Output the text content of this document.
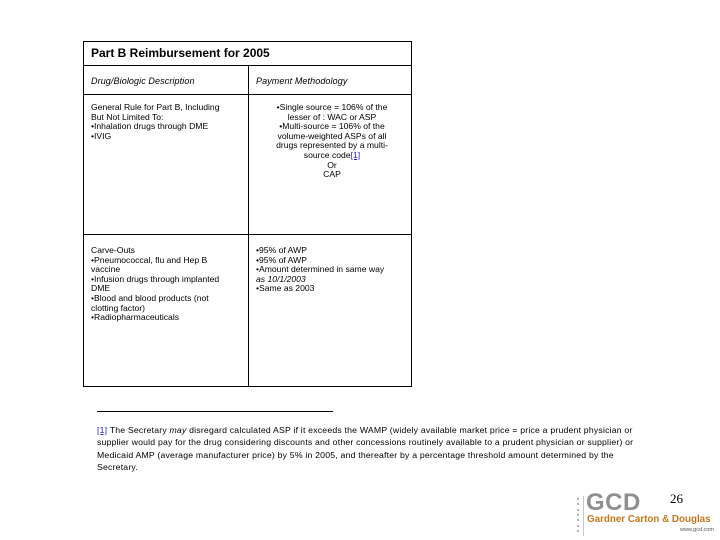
Part B Reimbursement for 2005
Drug/Biologic Description	Payment Methodology
General Rule for Part B, Including
But Not Limited To:
•Inhalation drugs through DME
•IVIG
•Single source = 106% of the
lesser of : WAC or ASP
•Multi-source = 106% of the
volume-weighted ASPs of all
drugs represented by a multi-
source code[1]
Or
CAP
Carve-Outs
•Pneumococcal, flu and Hep B
vaccine
•Infusion drugs through implanted
DME
•Blood and blood products (not
clotting factor)
•Radiopharmaceuticals
•95% of AWP
•95% of AWP
•Amount determined in same way
as 10/1/2003
•Same as 2003
[1] The Secretary may disregard calculated ASP if it exceeds the WAMP (widely available market price = price a prudent physician or supplier would pay for the drug considering discounts and other concessions routinely available to a prudent physician or supplier) or Medicaid AMP (average manufacturer price) by 5% in 2005, and thereafter by a percentage threshold amount determined by the Secretary.
26
GCD
Gardner Carton & Douglas
www.gcd.com
